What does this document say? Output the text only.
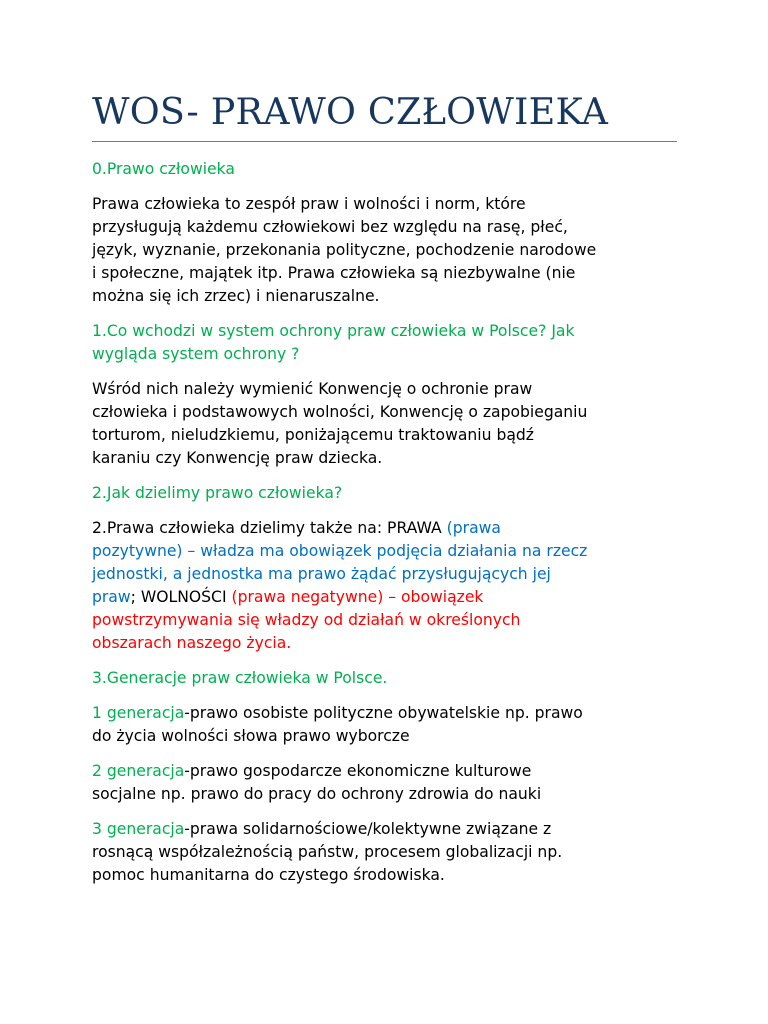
WOS- PRAWO CZŁOWIEKA

0.Prawo człowieka

Prawa człowieka to zespół praw i wolności i norm, które
przysługują każdemu człowiekowi bez względu na rasę, płeć,
język, wyznanie, przekonania polityczne, pochodzenie narodowe
i społeczne, majątek itp. Prawa człowieka są niezbywalne (nie
można się ich zrzec) i nienaruszalne.

1.Co wchodzi w system ochrony praw człowieka w Polsce? Jak
wygląda system ochrony ?

Wśród nich należy wymienić Konwencję o ochronie praw
człowieka i podstawowych wolności, Konwencję o zapobieganiu
torturom, nieludzkiemu, poniżającemu traktowaniu bądź
karaniu czy Konwencję praw dziecka.

2.Jak dzielimy prawo człowieka?

2.Prawa człowieka dzielimy także na: PRAWA (prawa
pozytywne) – władza ma obowiązek podjęcia działania na rzecz
jednostki, a jednostka ma prawo żądać przysługujących jej
praw; WOLNOŚCI (prawa negatywne) – obowiązek
powstrzymywania się władzy od działań w określonych
obszarach naszego życia.

3.Generacje praw człowieka w Polsce.

1 generacja-prawo osobiste polityczne obywatelskie np. prawo
do życia wolności słowa prawo wyborcze

2 generacja-prawo gospodarcze ekonomiczne kulturowe
socjalne np. prawo do pracy do ochrony zdrowia do nauki

3 generacja-prawa solidarnościowe/kolektywne związane z
rosnącą współzależnością państw, procesem globalizacji np.
pomoc humanitarna do czystego środowiska.
